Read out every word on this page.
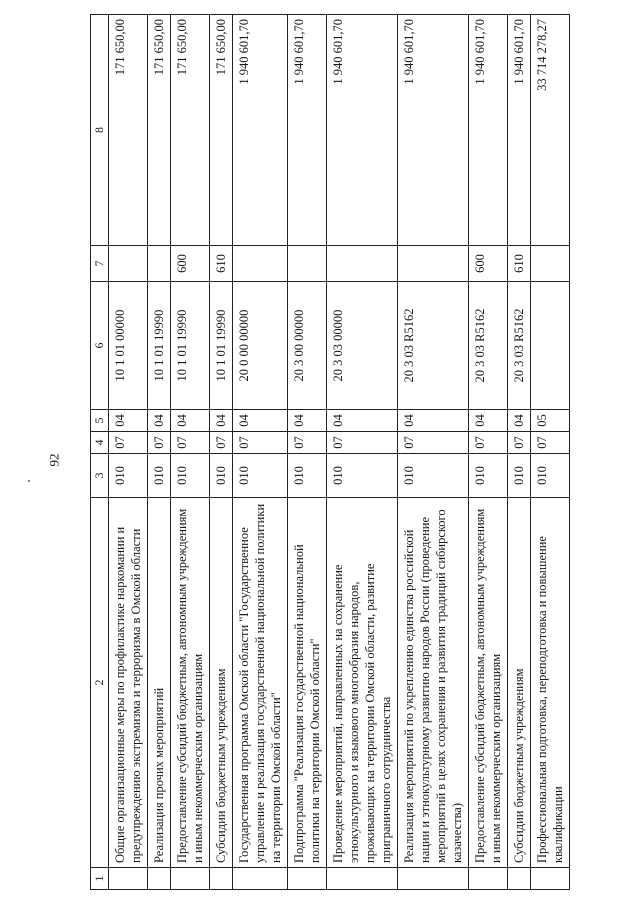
92
1	2	3	4	5	6	7	8
	Общие организационные меры по профилактике наркомании и предупреждению экстремизма и терроризма в Омской области	010	07	04	10 1 01 00000		171 650,00
	Реализация прочих мероприятий	010	07	04	10 1 01 19990		171 650,00
	Предоставление субсидий бюджетным, автономным учреждениям и иным некоммерческим организациям	010	07	04	10 1 01 19990	600	171 650,00
	Субсидии бюджетным учреждениям	010	07	04	10 1 01 19990	610	171 650,00
	Государственная программа Омской области "Государственное управление и реализация государственной национальной политики на территории Омской области"	010	07	04	20 0 00 00000		1 940 601,70
	Подпрограмма "Реализация государственной национальной политики на территории Омской области"	010	07	04	20 3 00 00000		1 940 601,70
	Проведение мероприятий, направленных на сохранение этнокультурного и языкового многообразия народов, проживающих на территории Омской области, развитие приграничного сотрудничества	010	07	04	20 3 03 00000		1 940 601,70
	Реализация мероприятий по укреплению единства российской нации и этнокультурному развитию народов России (проведение мероприятий в целях сохранения и развития традиций сибирского казачества)	010	07	04	20 3 03 R5162		1 940 601,70
	Предоставление субсидий бюджетным, автономным учреждениям и иным некоммерческим организациям	010	07	04	20 3 03 R5162	600	1 940 601,70
	Субсидии бюджетным учреждениям	010	07	04	20 3 03 R5162	610	1 940 601,70
	Профессиональная подготовка, переподготовка и повышение квалификации	010	07	05			33 714 278,27
